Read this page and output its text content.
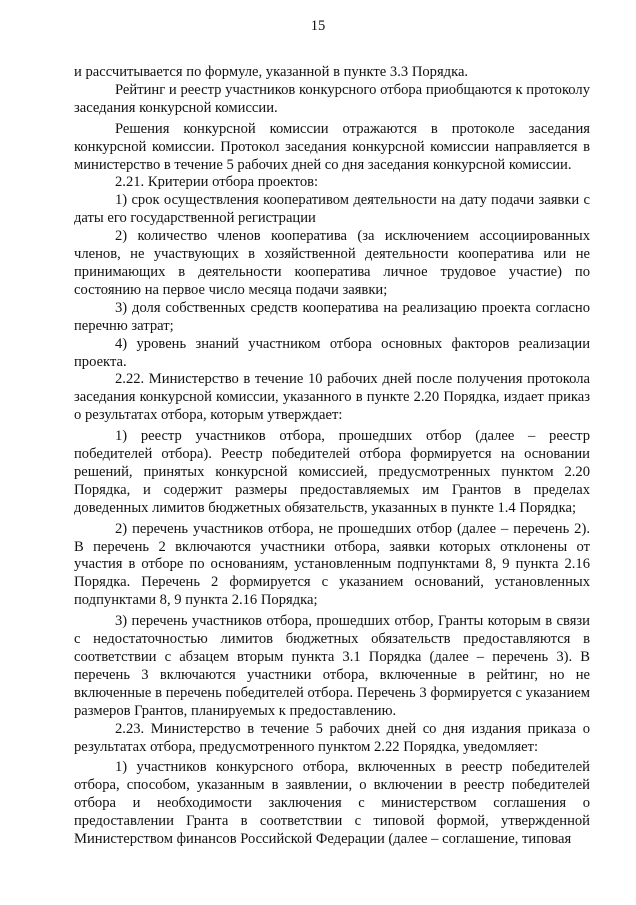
15

и рассчитывается по формуле, указанной в пункте 3.3 Порядка.

Рейтинг и реестр участников конкурсного отбора приобщаются к протоколу заседания конкурсной комиссии.

Решения конкурсной комиссии отражаются в протоколе заседания конкурсной комиссии. Протокол заседания конкурсной комиссии направляется в министерство в течение 5 рабочих дней со дня заседания конкурсной комиссии.

2.21. Критерии отбора проектов:

1) срок осуществления кооперативом деятельности на дату подачи заявки с даты его государственной регистрации

2) количество членов кооператива (за исключением ассоциированных членов, не участвующих в хозяйственной деятельности кооператива или не принимающих в деятельности кооператива личное трудовое участие) по состоянию на первое число месяца подачи заявки;

3) доля собственных средств кооператива на реализацию проекта согласно перечню затрат;

4) уровень знаний участником отбора основных факторов реализации проекта.

2.22. Министерство в течение 10 рабочих дней после получения протокола заседания конкурсной комиссии, указанного в пункте 2.20 Порядка, издает приказ о результатах отбора, которым утверждает:

1) реестр участников отбора, прошедших отбор (далее – реестр победителей отбора). Реестр победителей отбора формируется на основании решений, принятых конкурсной комиссией, предусмотренных пунктом 2.20 Порядка, и содержит размеры предоставляемых им Грантов в пределах доведенных лимитов бюджетных обязательств, указанных в пункте 1.4 Порядка;

2) перечень участников отбора, не прошедших отбор (далее – перечень 2). В перечень 2 включаются участники отбора, заявки которых отклонены от участия в отборе по основаниям, установленным подпунктами 8, 9 пункта 2.16 Порядка. Перечень 2 формируется с указанием оснований, установленных подпунктами 8, 9 пункта 2.16 Порядка;

3) перечень участников отбора, прошедших отбор, Гранты которым в связи с недостаточностью лимитов бюджетных обязательств предоставляются в соответствии с абзацем вторым пункта 3.1 Порядка (далее – перечень 3). В перечень 3 включаются участники отбора, включенные в рейтинг, но не включенные в перечень победителей отбора. Перечень 3 формируется с указанием размеров Грантов, планируемых к предоставлению.

2.23. Министерство в течение 5 рабочих дней со дня издания приказа о результатах отбора, предусмотренного пунктом 2.22 Порядка, уведомляет:

1) участников конкурсного отбора, включенных в реестр победителей отбора, способом, указанным в заявлении, о включении в реестр победителей отбора и необходимости заключения с министерством соглашения о предоставлении Гранта в соответствии с типовой формой, утвержденной Министерством финансов Российской Федерации (далее – соглашение, типовая
